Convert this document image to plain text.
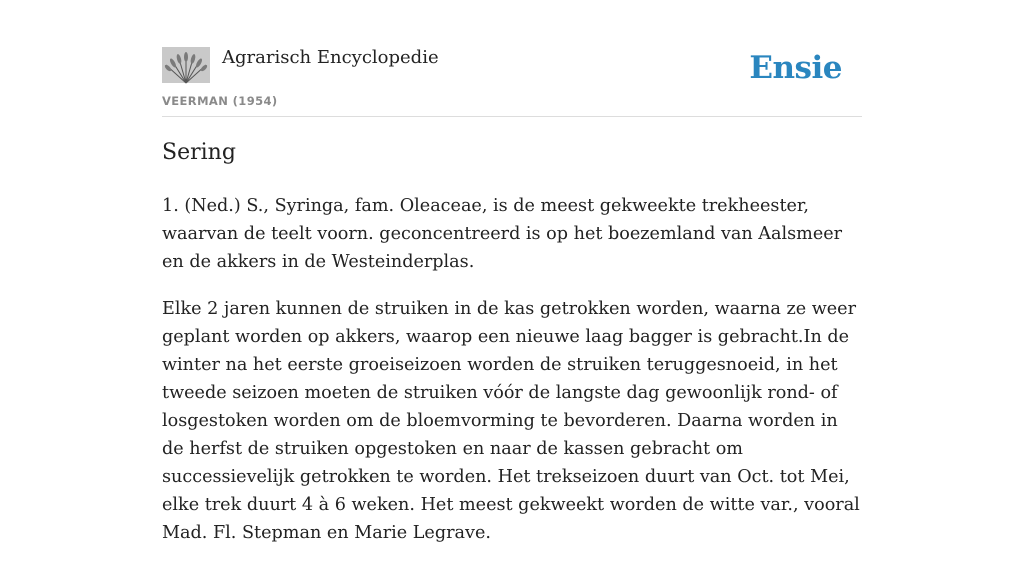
Agrarisch Encyclopedie
VEERMAN (1954)
Ensie
Sering

1. (Ned.) S., Syringa, fam. Oleaceae, is de meest gekweekte trekheester, waarvan de teelt voorn. geconcentreerd is op het boezemland van Aalsmeer en de akkers in de Westeinderplas.

Elke 2 jaren kunnen de struiken in de kas getrokken worden, waarna ze weer geplant worden op akkers, waarop een nieuwe laag bagger is gebracht.In de winter na het eerste groeiseizoen worden de struiken teruggesnoeid, in het tweede seizoen moeten de struiken vóór de langste dag gewoonlijk rond- of losgestoken worden om de bloemvorming te bevorderen. Daarna worden in de herfst de struiken opgestoken en naar de kassen gebracht om successievelijk getrokken te worden. Het trekseizoen duurt van Oct. tot Mei, elke trek duurt 4 à 6 weken. Het meest gekweekt worden de witte var., vooral Mad. Fl. Stepman en Marie Legrave.
